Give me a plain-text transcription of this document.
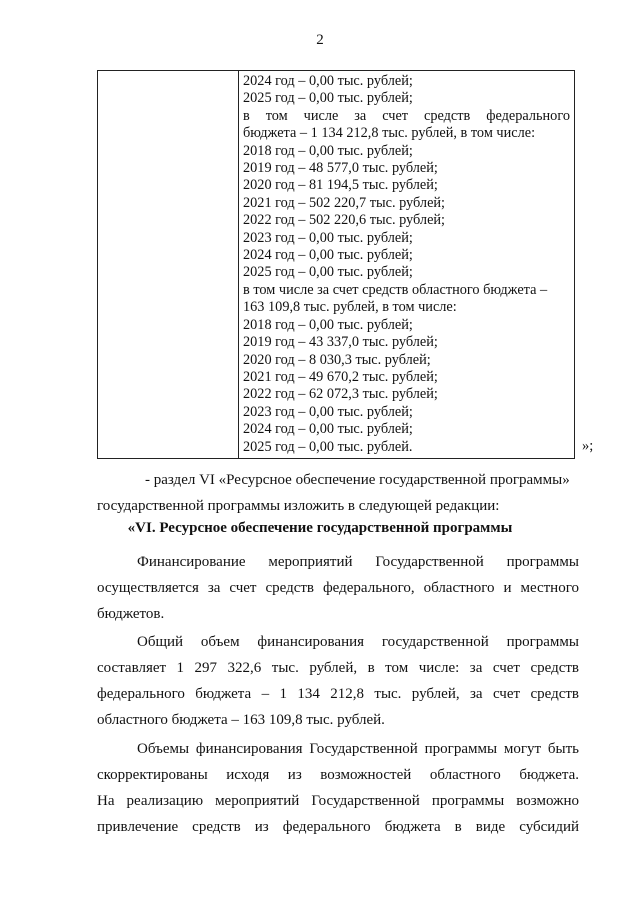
2
2024 год – 0,00 тыс. рублей;
2025 год – 0,00 тыс. рублей;
в том числе за счет средств федерального
бюджета – 1 134 212,8 тыс. рублей, в том числе:
2018 год – 0,00 тыс. рублей;
2019 год – 48 577,0 тыс. рублей;
2020 год – 81 194,5 тыс. рублей;
2021 год – 502 220,7 тыс. рублей;
2022 год – 502 220,6 тыс. рублей;
2023 год – 0,00 тыс. рублей;
2024 год – 0,00 тыс. рублей;
2025 год – 0,00 тыс. рублей;
в том числе за счет средств областного бюджета –
163 109,8 тыс. рублей, в том числе:
2018 год – 0,00 тыс. рублей;
2019 год – 43 337,0 тыс. рублей;
2020 год – 8 030,3 тыс. рублей;
2021 год – 49 670,2 тыс. рублей;
2022 год – 62 072,3 тыс. рублей;
2023 год – 0,00 тыс. рублей;
2024 год – 0,00 тыс. рублей;
2025 год – 0,00 тыс. рублей.	»;
- раздел VI «Ресурсное обеспечение государственной программы»
государственной программы изложить в следующей редакции:
«VI. Ресурсное обеспечение государственной программы
Финансирование мероприятий Государственной программы
осуществляется за счет средств федерального, областного и местного
бюджетов.
Общий объем финансирования государственной программы
составляет 1 297 322,6 тыс. рублей, в том числе: за счет средств
федерального бюджета – 1 134 212,8 тыс. рублей, за счет средств
областного бюджета – 163 109,8 тыс. рублей.
Объемы финансирования Государственной программы могут быть
скорректированы исходя из возможностей областного бюджета.
На реализацию мероприятий Государственной программы возможно
привлечение средств из федерального бюджета в виде субсидий
